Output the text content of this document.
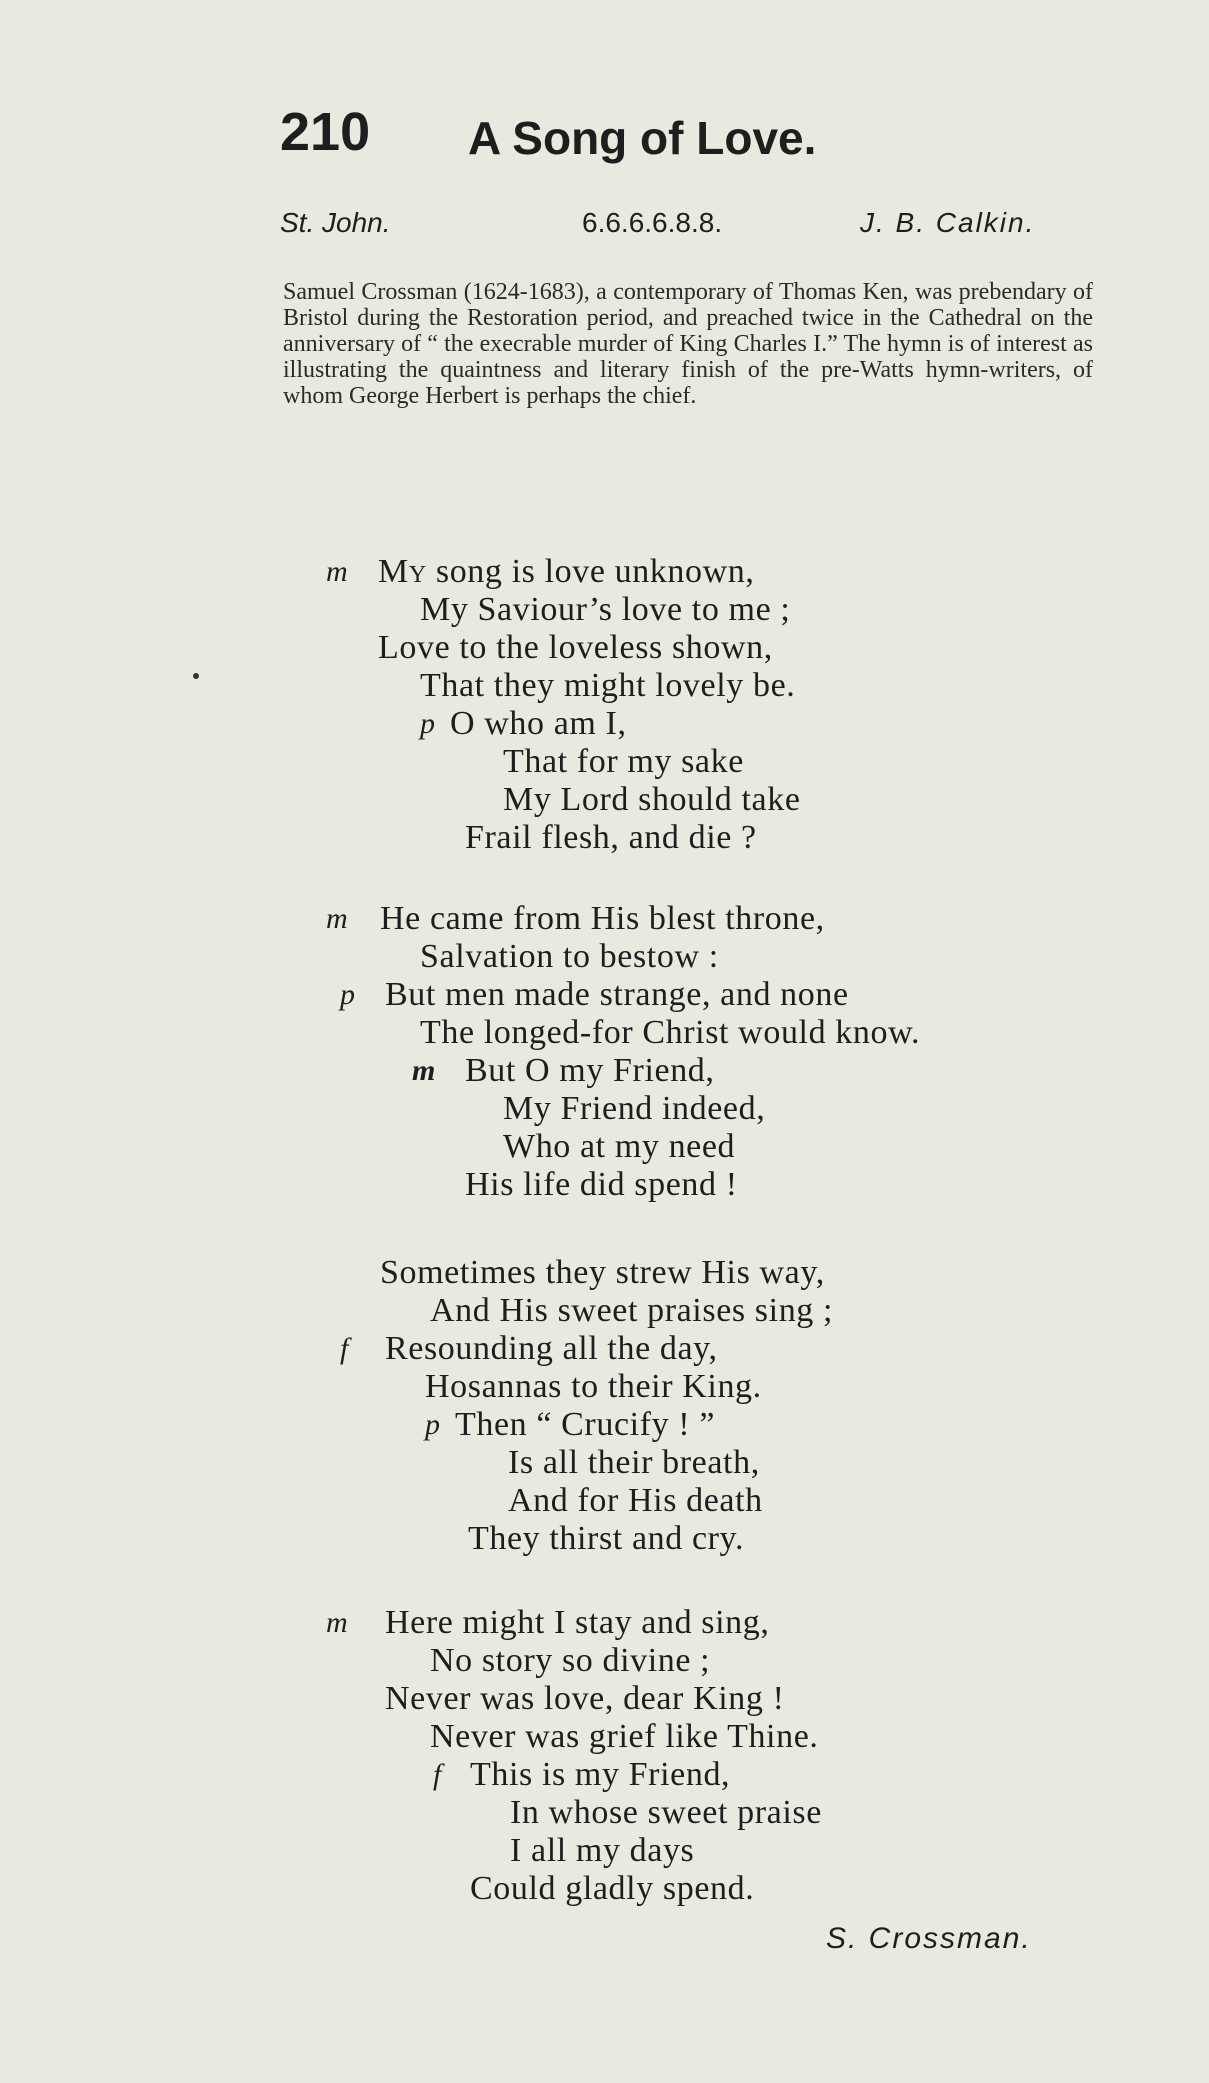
210 A Song of Love.
St. John.	6.6.6.6.8.8.	J. B. Calkin.

Samuel Crossman (1624-1683), a contemporary of Thomas Ken, was prebendary of Bristol during the Restoration period, and preached twice in the Cathedral on the anniversary of “ the execrable murder of King Charles I.” The hymn is of interest as illustrating the quaintness and literary finish of the pre-Watts hymn-writers, of whom George Herbert is perhaps the chief.

m My song is love unknown,
My Saviour’s love to me ;
Love to the loveless shown,
That they might lovely be.
p O who am I,
That for my sake
My Lord should take
Frail flesh, and die ?
m He came from His blest throne,
Salvation to bestow :
p But men made strange, and none
The longed-for Christ would know.
m But O my Friend,
My Friend indeed,
Who at my need
His life did spend !
Sometimes they strew His way,
And His sweet praises sing ;
f Resounding all the day,
Hosannas to their King.
p Then “ Crucify ! ”
Is all their breath,
And for His death
They thirst and cry.
m Here might I stay and sing,
No story so divine ;
Never was love, dear King !
Never was grief like Thine.
f This is my Friend,
In whose sweet praise
I all my days
Could gladly spend.
S. Crossman.
